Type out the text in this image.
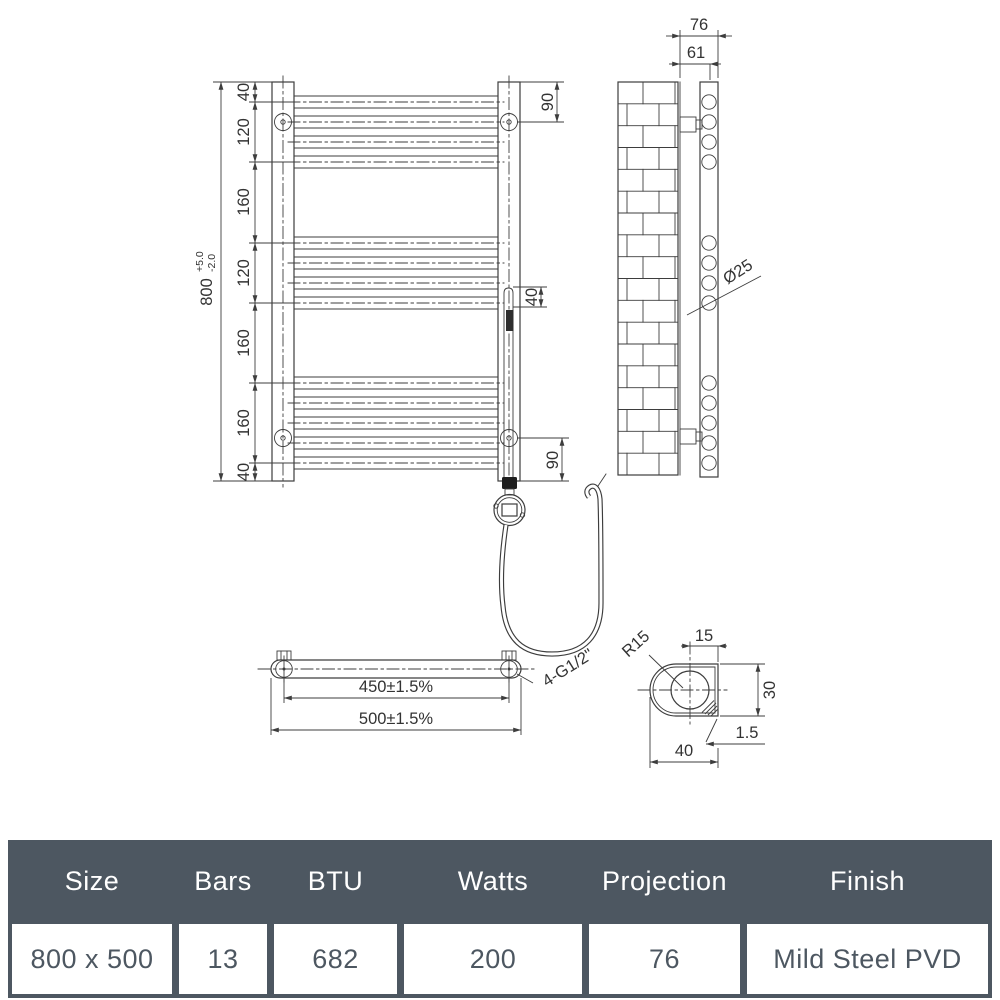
40
120
160
120
160
160
40
800
+5.0 -2.0
90
90
40
76
61
Ø25
450±1.5%
500±1.5%
4-G1/2"
R15	15
30
1.5
40
Size	Bars	BTU	Watts	Projection	Finish
800 x 500	13	682	200	76	Mild Steel PVD
